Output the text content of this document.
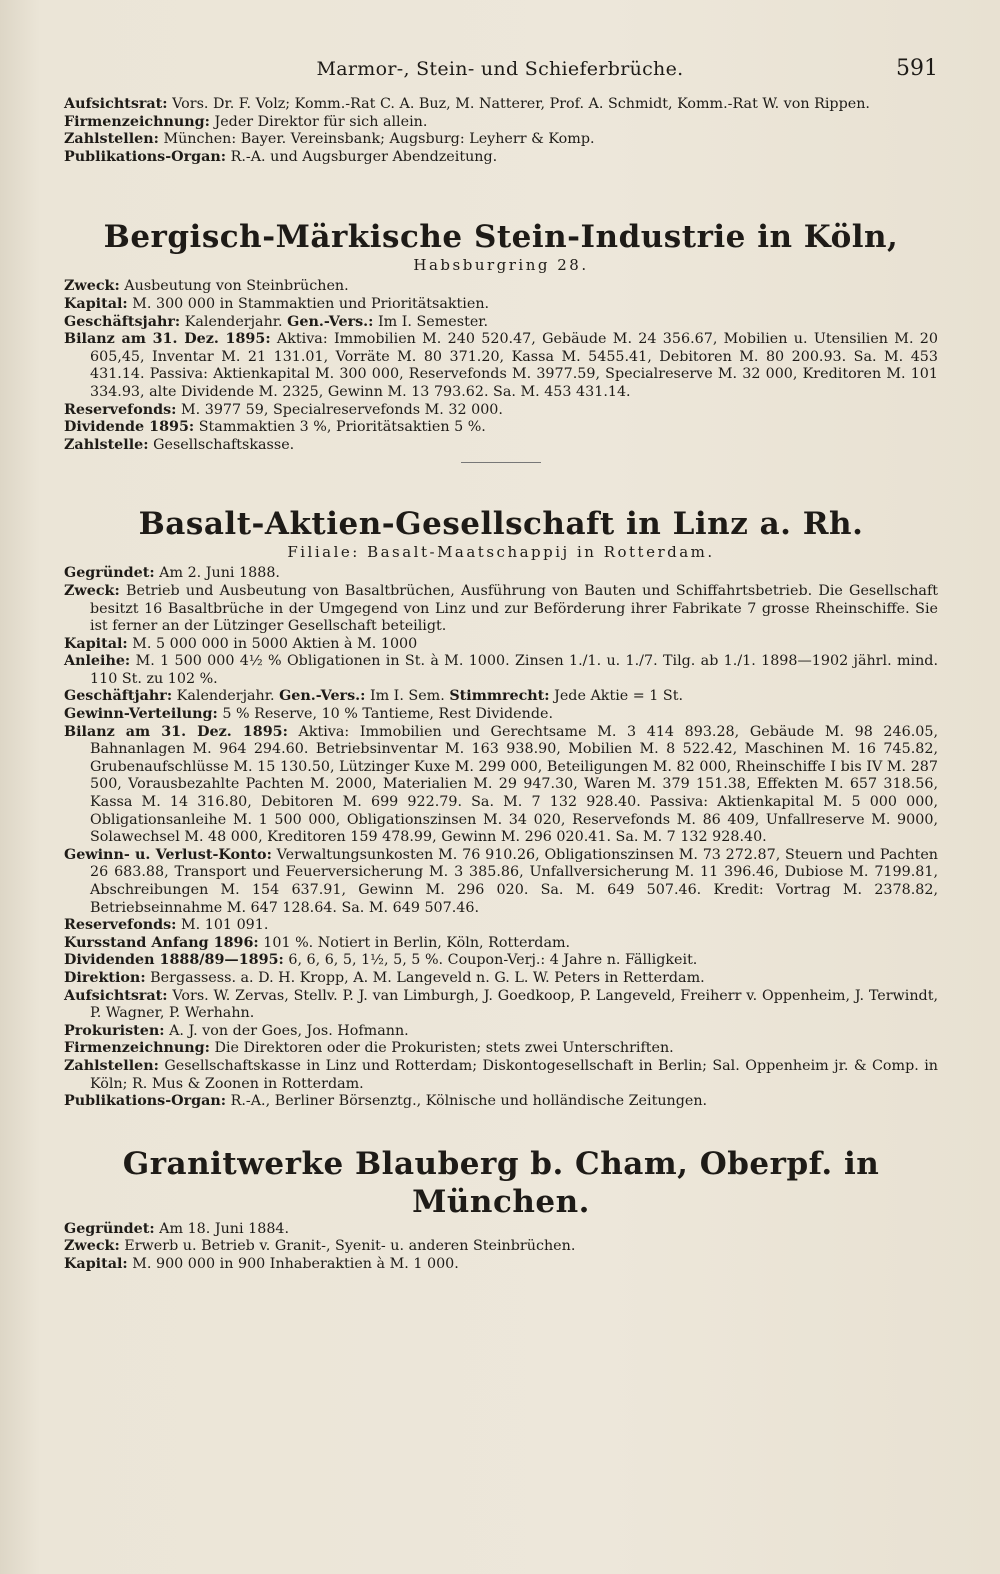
Marmor-, Stein- und Schieferbrüche.	591

Aufsichtsrat: Vors. Dr. F. Volz; Komm.-Rat C. A. Buz, M. Natterer, Prof. A. Schmidt, Komm.-Rat W. von Rippen.

Firmenzeichnung: Jeder Direktor für sich allein.

Zahlstellen: München: Bayer. Vereinsbank; Augsburg: Leyherr & Komp.

Publikations-Organ: R.-A. und Augsburger Abendzeitung.

Bergisch-Märkische Stein-Industrie in Köln,

Habsburgring 28.

Zweck: Ausbeutung von Steinbrüchen.

Kapital: M. 300 000 in Stammaktien und Prioritätsaktien.

Geschäftsjahr: Kalenderjahr. Gen.-Vers.: Im I. Semester.

Bilanz am 31. Dez. 1895: Aktiva: Immobilien M. 240 520.47, Gebäude M. 24 356.67, Mobilien u. Utensilien M. 20 605,45, Inventar M. 21 131.01, Vorräte M. 80 371.20, Kassa M. 5455.41, Debitoren M. 80 200.93. Sa. M. 453 431.14. Passiva: Aktienkapital M. 300 000, Reservefonds M. 3977.59, Specialreserve M. 32 000, Kreditoren M. 101 334.93, alte Dividende M. 2325, Gewinn M. 13 793.62. Sa. M. 453 431.14.

Reservefonds: M. 3977 59, Specialreservefonds M. 32 000.

Dividende 1895: Stammaktien 3 %, Prioritätsaktien 5 %.

Zahlstelle: Gesellschaftskasse.

Basalt-Aktien-Gesellschaft in Linz a. Rh.

Filiale: Basalt-Maatschappij in Rotterdam.

Gegründet: Am 2. Juni 1888.

Zweck: Betrieb und Ausbeutung von Basaltbrüchen, Ausführung von Bauten und Schiffahrtsbetrieb. Die Gesellschaft besitzt 16 Basaltbrüche in der Umgegend von Linz und zur Beförderung ihrer Fabrikate 7 grosse Rheinschiffe. Sie ist ferner an der Lützinger Gesellschaft beteiligt.

Kapital: M. 5 000 000 in 5000 Aktien à M. 1000

Anleihe: M. 1 500 000 4½ % Obligationen in St. à M. 1000. Zinsen 1./1. u. 1./7. Tilg. ab 1./1. 1898—1902 jährl. mind. 110 St. zu 102 %.

Geschäftjahr: Kalenderjahr. Gen.-Vers.: Im I. Sem. Stimmrecht: Jede Aktie = 1 St.

Gewinn-Verteilung: 5 % Reserve, 10 % Tantieme, Rest Dividende.

Bilanz am 31. Dez. 1895: Aktiva: Immobilien und Gerechtsame M. 3 414 893.28, Gebäude M. 98 246.05, Bahnanlagen M. 964 294.60. Betriebsinventar M. 163 938.90, Mobilien M. 8 522.42, Maschinen M. 16 745.82, Grubenaufschlüsse M. 15 130.50, Lützinger Kuxe M. 299 000, Beteiligungen M. 82 000, Rheinschiffe I bis IV M. 287 500, Vorausbezahlte Pachten M. 2000, Materialien M. 29 947.30, Waren M. 379 151.38, Effekten M. 657 318.56, Kassa M. 14 316.80, Debitoren M. 699 922.79. Sa. M. 7 132 928.40. Passiva: Aktienkapital M. 5 000 000, Obligationsanleihe M. 1 500 000, Obligationszinsen M. 34 020, Reservefonds M. 86 409, Unfallreserve M. 9000, Solawechsel M. 48 000, Kreditoren 159 478.99, Gewinn M. 296 020.41. Sa. M. 7 132 928.40.

Gewinn- u. Verlust-Konto: Verwaltungsunkosten M. 76 910.26, Obligationszinsen M. 73 272.87, Steuern und Pachten 26 683.88, Transport und Feuerversicherung M. 3 385.86, Unfallversicherung M. 11 396.46, Dubiose M. 7199.81, Abschreibungen M. 154 637.91, Gewinn M. 296 020. Sa. M. 649 507.46. Kredit: Vortrag M. 2378.82, Betriebseinnahme M. 647 128.64. Sa. M. 649 507.46.

Reservefonds: M. 101 091.

Kursstand Anfang 1896: 101 %. Notiert in Berlin, Köln, Rotterdam.

Dividenden 1888/89—1895: 6, 6, 6, 5, 1½, 5, 5 %. Coupon-Verj.: 4 Jahre n. Fälligkeit.

Direktion: Bergassess. a. D. H. Kropp, A. M. Langeveld n. G. L. W. Peters in Retterdam.

Aufsichtsrat: Vors. W. Zervas, Stellv. P. J. van Limburgh, J. Goedkoop, P. Langeveld, Freiherr v. Oppenheim, J. Terwindt, P. Wagner, P. Werhahn.

Prokuristen: A. J. von der Goes, Jos. Hofmann.

Firmenzeichnung: Die Direktoren oder die Prokuristen; stets zwei Unterschriften.

Zahlstellen: Gesellschaftskasse in Linz und Rotterdam; Diskontogesellschaft in Berlin; Sal. Oppenheim jr. & Comp. in Köln; R. Mus & Zoonen in Rotterdam.

Publikations-Organ: R.-A., Berliner Börsenztg., Kölnische und holländische Zeitungen.

Granitwerke Blauberg b. Cham, Oberpf. in München.

Gegründet: Am 18. Juni 1884.

Zweck: Erwerb u. Betrieb v. Granit-, Syenit- u. anderen Steinbrüchen.

Kapital: M. 900 000 in 900 Inhaberaktien à M. 1 000.
